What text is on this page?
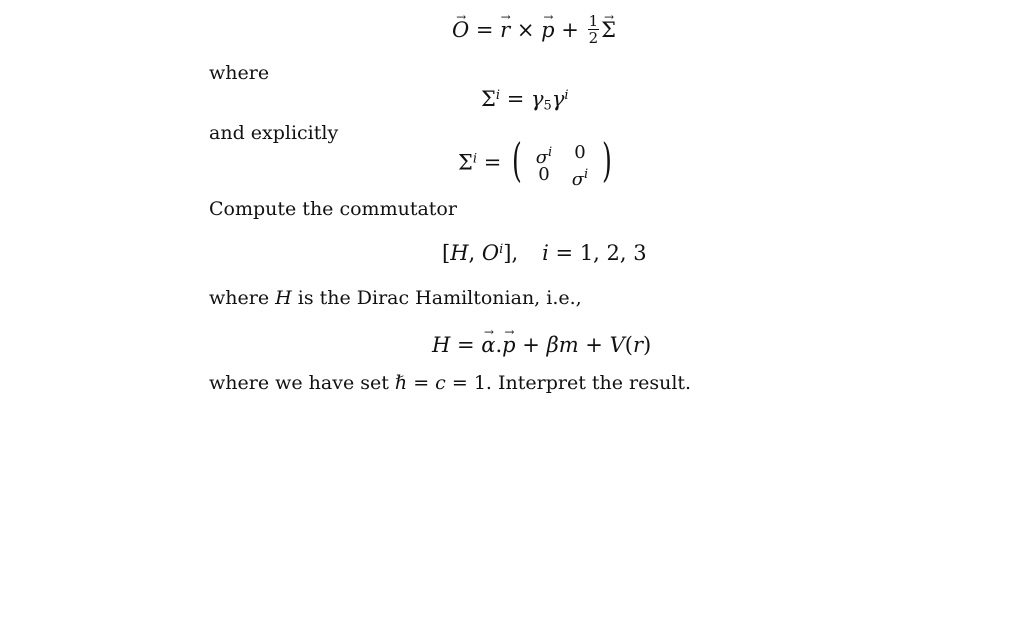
→ O = → r × → $p + \frac{1}{2}$
→ Σ
where
$\Sigma^i = \gamma_5\gamma^i$
and explicitly
$\Sigma^i$ = ( $\sigma^i$	0
0	$\sigma^i$ )
Compute the commutator
[H, $O^i$], i = 1, 2, 3
where H is the Dirac Hamiltonian, i.e.,
H = → α.→ p + βm + V(r)
where we have set ℏ = c = 1. Interpret the result.
